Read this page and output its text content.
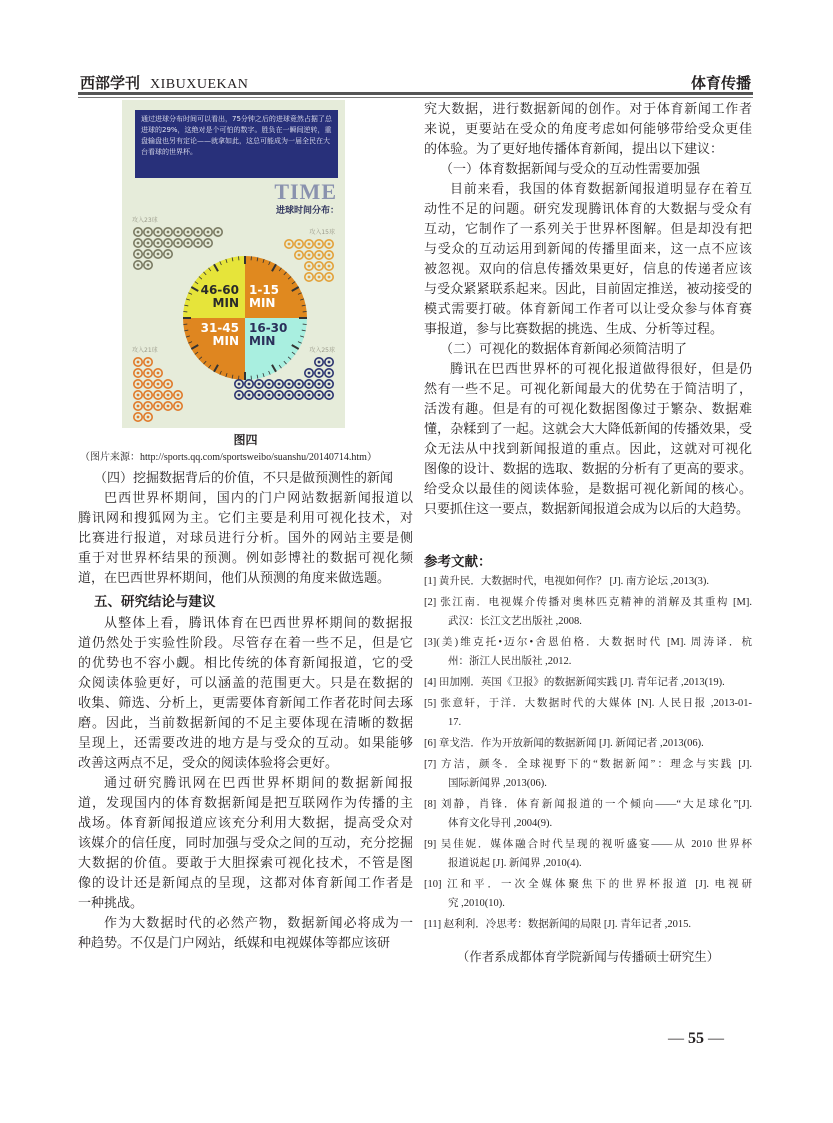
西部学刊 XIBUXUEKAN	体育传播
46-60
MIN
1-15
MIN
31-45
MIN
16-30
MIN
通过进球分布时间可以看出，75分钟之后的进球竟然占据了总进球的29%，这绝对是个可怕的数字。胜负在一瞬间逆转，重盘输盘也另有定论——就拿如此，这总可能成为一届全民在大台看球的世界杯。
TIME
进球时间分布：
攻入23球
攻入15球
攻入21球	攻入25球
图四
（图片来源：http://sports.qq.com/sportsweibo/suanshu/20140714.htm）
（四）挖掘数据背后的价值，不只是做预测性的新闻
巴西世界杯期间，国内的门户网站数据新闻报道以
腾讯网和搜狐网为主。它们主要是利用可视化技术，对
比赛进行报道，对球员进行分析。国外的网站主要是侧
重于对世界杯结果的预测。例如彭博社的数据可视化频
道，在巴西世界杯期间，他们从预测的角度来做选题。
五、研究结论与建议
从整体上看，腾讯体育在巴西世界杯期间的数据报
道仍然处于实验性阶段。尽管存在着一些不足，但是它
的优势也不容小觑。相比传统的体育新闻报道，它的受
众阅读体验更好，可以涵盖的范围更大。只是在数据的
收集、筛选、分析上，更需要体育新闻工作者花时间去琢
磨。因此，当前数据新闻的不足主要体现在清晰的数据
呈现上，还需要改进的地方是与受众的互动。如果能够
改善这两点不足，受众的阅读体验将会更好。
通过研究腾讯网在巴西世界杯期间的数据新闻报
道，发现国内的体育数据新闻是把互联网作为传播的主
战场。体育新闻报道应该充分利用大数据，提高受众对
该媒介的信任度，同时加强与受众之间的互动，充分挖掘
大数据的价值。要敢于大胆探索可视化技术，不管是图
像的设计还是新闻点的呈现，这都对体育新闻工作者是
一种挑战。
作为大数据时代的必然产物，数据新闻必将成为一
种趋势。不仅是门户网站，纸媒和电视媒体等都应该研
究大数据，进行数据新闻的创作。对于体育新闻工作者
来说，更要站在受众的角度考虑如何能够带给受众更佳
的体验。为了更好地传播体育新闻，提出以下建议：
（一）体育数据新闻与受众的互动性需要加强
目前来看，我国的体育数据新闻报道明显存在着互
动性不足的问题。研究发现腾讯体育的大数据与受众有
互动，它制作了一系列关于世界杯图解。但是却没有把
与受众的互动运用到新闻的传播里面来，这一点不应该
被忽视。双向的信息传播效果更好，信息的传递者应该
与受众紧紧联系起来。因此，目前固定推送，被动接受的
模式需要打破。体育新闻工作者可以让受众参与体育赛
事报道，参与比赛数据的挑选、生成、分析等过程。
（二）可视化的数据体育新闻必须简洁明了
腾讯在巴西世界杯的可视化报道做得很好，但是仍
然有一些不足。可视化新闻最大的优势在于简洁明了，
活泼有趣。但是有的可视化数据图像过于繁杂、数据难
懂，杂糅到了一起。这就会大大降低新闻的传播效果，受
众无法从中找到新闻报道的重点。因此，这就对可视化
图像的设计、数据的选取、数据的分析有了更高的要求。
给受众以最佳的阅读体验，是数据可视化新闻的核心。
只要抓住这一要点，数据新闻报道会成为以后的大趋势。
参考文献：
[1] 黄升民．大数据时代，电视如何作？ [J]. 南方论坛 ,2013(3).
[2] 张江南．电视媒介传播对奥林匹克精神的消解及其重构 [M].
武汉：长江文艺出版社 ,2008.
[3](美)维克托•迈尔•舍恩伯格．大数据时代 [M]. 周涛译．杭
州：浙江人民出版社 ,2012.
[4] 田加刚．英国《卫报》的数据新闻实践 [J]. 青年记者 ,2013(19).
[5] 张意轩，于洋．大数据时代的大媒体 [N]. 人民日报 ,2013-01-
17.
[6] 章戈浩．作为开放新闻的数据新闻 [J]. 新闻记者 ,2013(06).
[7] 方洁，颜冬．全球视野下的“数据新闻”：理念与实践 [J].
国际新闻界 ,2013(06).
[8] 刘静，肖锋．体育新闻报道的一个倾向——“大足球化”[J].
体育文化导刊 ,2004(9).
[9] 吴佳妮．媒体融合时代呈现的视听盛宴——从 2010 世界杯
报道说起 [J]. 新闻界 ,2010(4).
[10] 江和平．一次全媒体聚焦下的世界杯报道 [J]. 电视研
究 ,2010(10).
[11] 赵利利．冷思考：数据新闻的局限 [J]. 青年记者 ,2015.
（作者系成都体育学院新闻与传播硕士研究生）
— 55 —
